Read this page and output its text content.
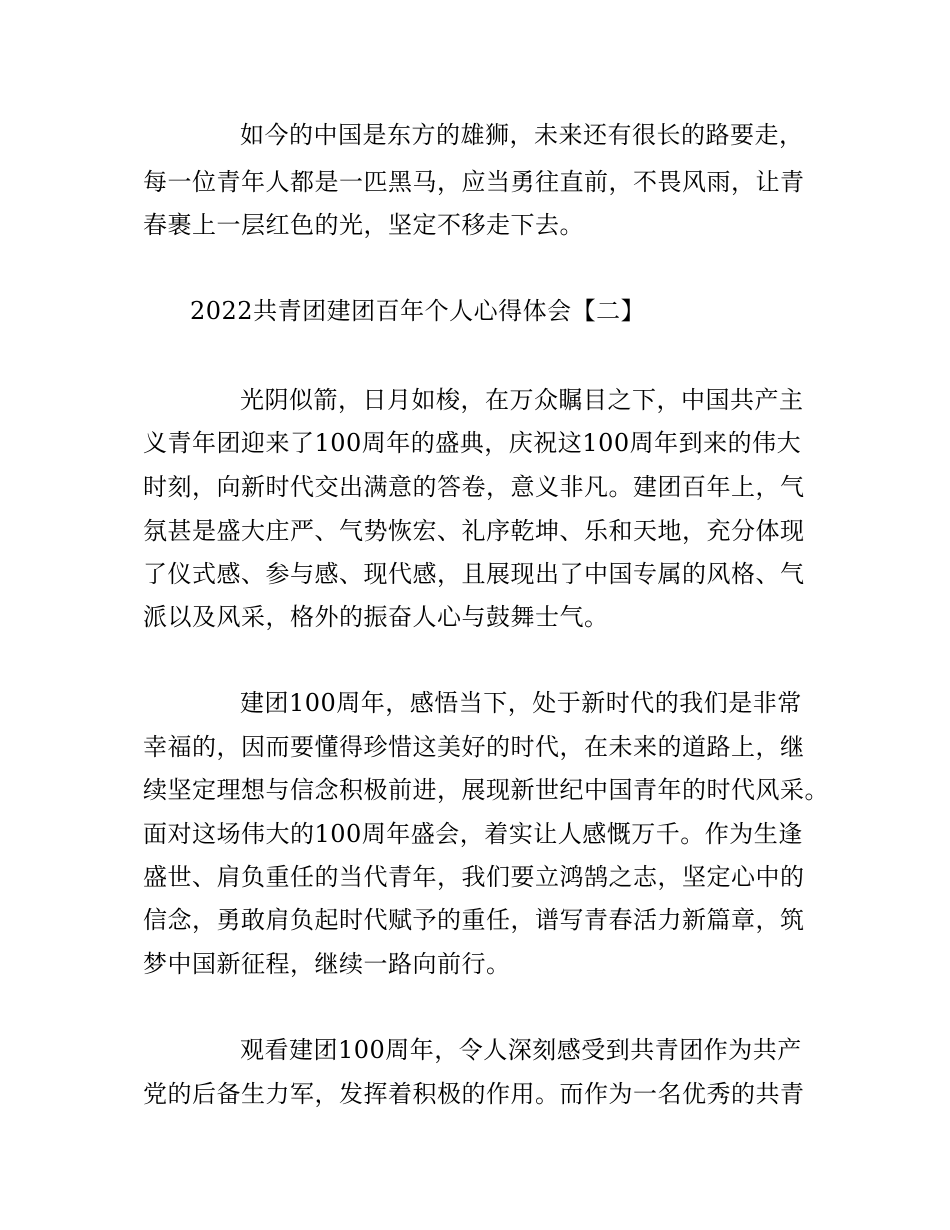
如今的中国是东方的雄狮，未来还有很长的路要走，
每一位青年人都是一匹黑马，应当勇往直前，不畏风雨，让青
春裹上一层红色的光，坚定不移走下去。
2022共青团建团百年个人心得体会【二】
光阴似箭，日月如梭，在万众瞩目之下，中国共产主
义青年团迎来了100周年的盛典，庆祝这100周年到来的伟大
时刻，向新时代交出满意的答卷，意义非凡。建团百年上，气
氛甚是盛大庄严、气势恢宏、礼序乾坤、乐和天地，充分体现
了仪式感、参与感、现代感，且展现出了中国专属的风格、气
派以及风采，格外的振奋人心与鼓舞士气。
建团100周年，感悟当下，处于新时代的我们是非常
幸福的，因而要懂得珍惜这美好的时代，在未来的道路上，继
续坚定理想与信念积极前进，展现新世纪中国青年的时代风采。
面对这场伟大的100周年盛会，着实让人感慨万千。作为生逢
盛世、肩负重任的当代青年，我们要立鸿鹄之志，坚定心中的
信念，勇敢肩负起时代赋予的重任，谱写青春活力新篇章，筑
梦中国新征程，继续一路向前行。
观看建团100周年，令人深刻感受到共青团作为共产
党的后备生力军，发挥着积极的作用。而作为一名优秀的共青
